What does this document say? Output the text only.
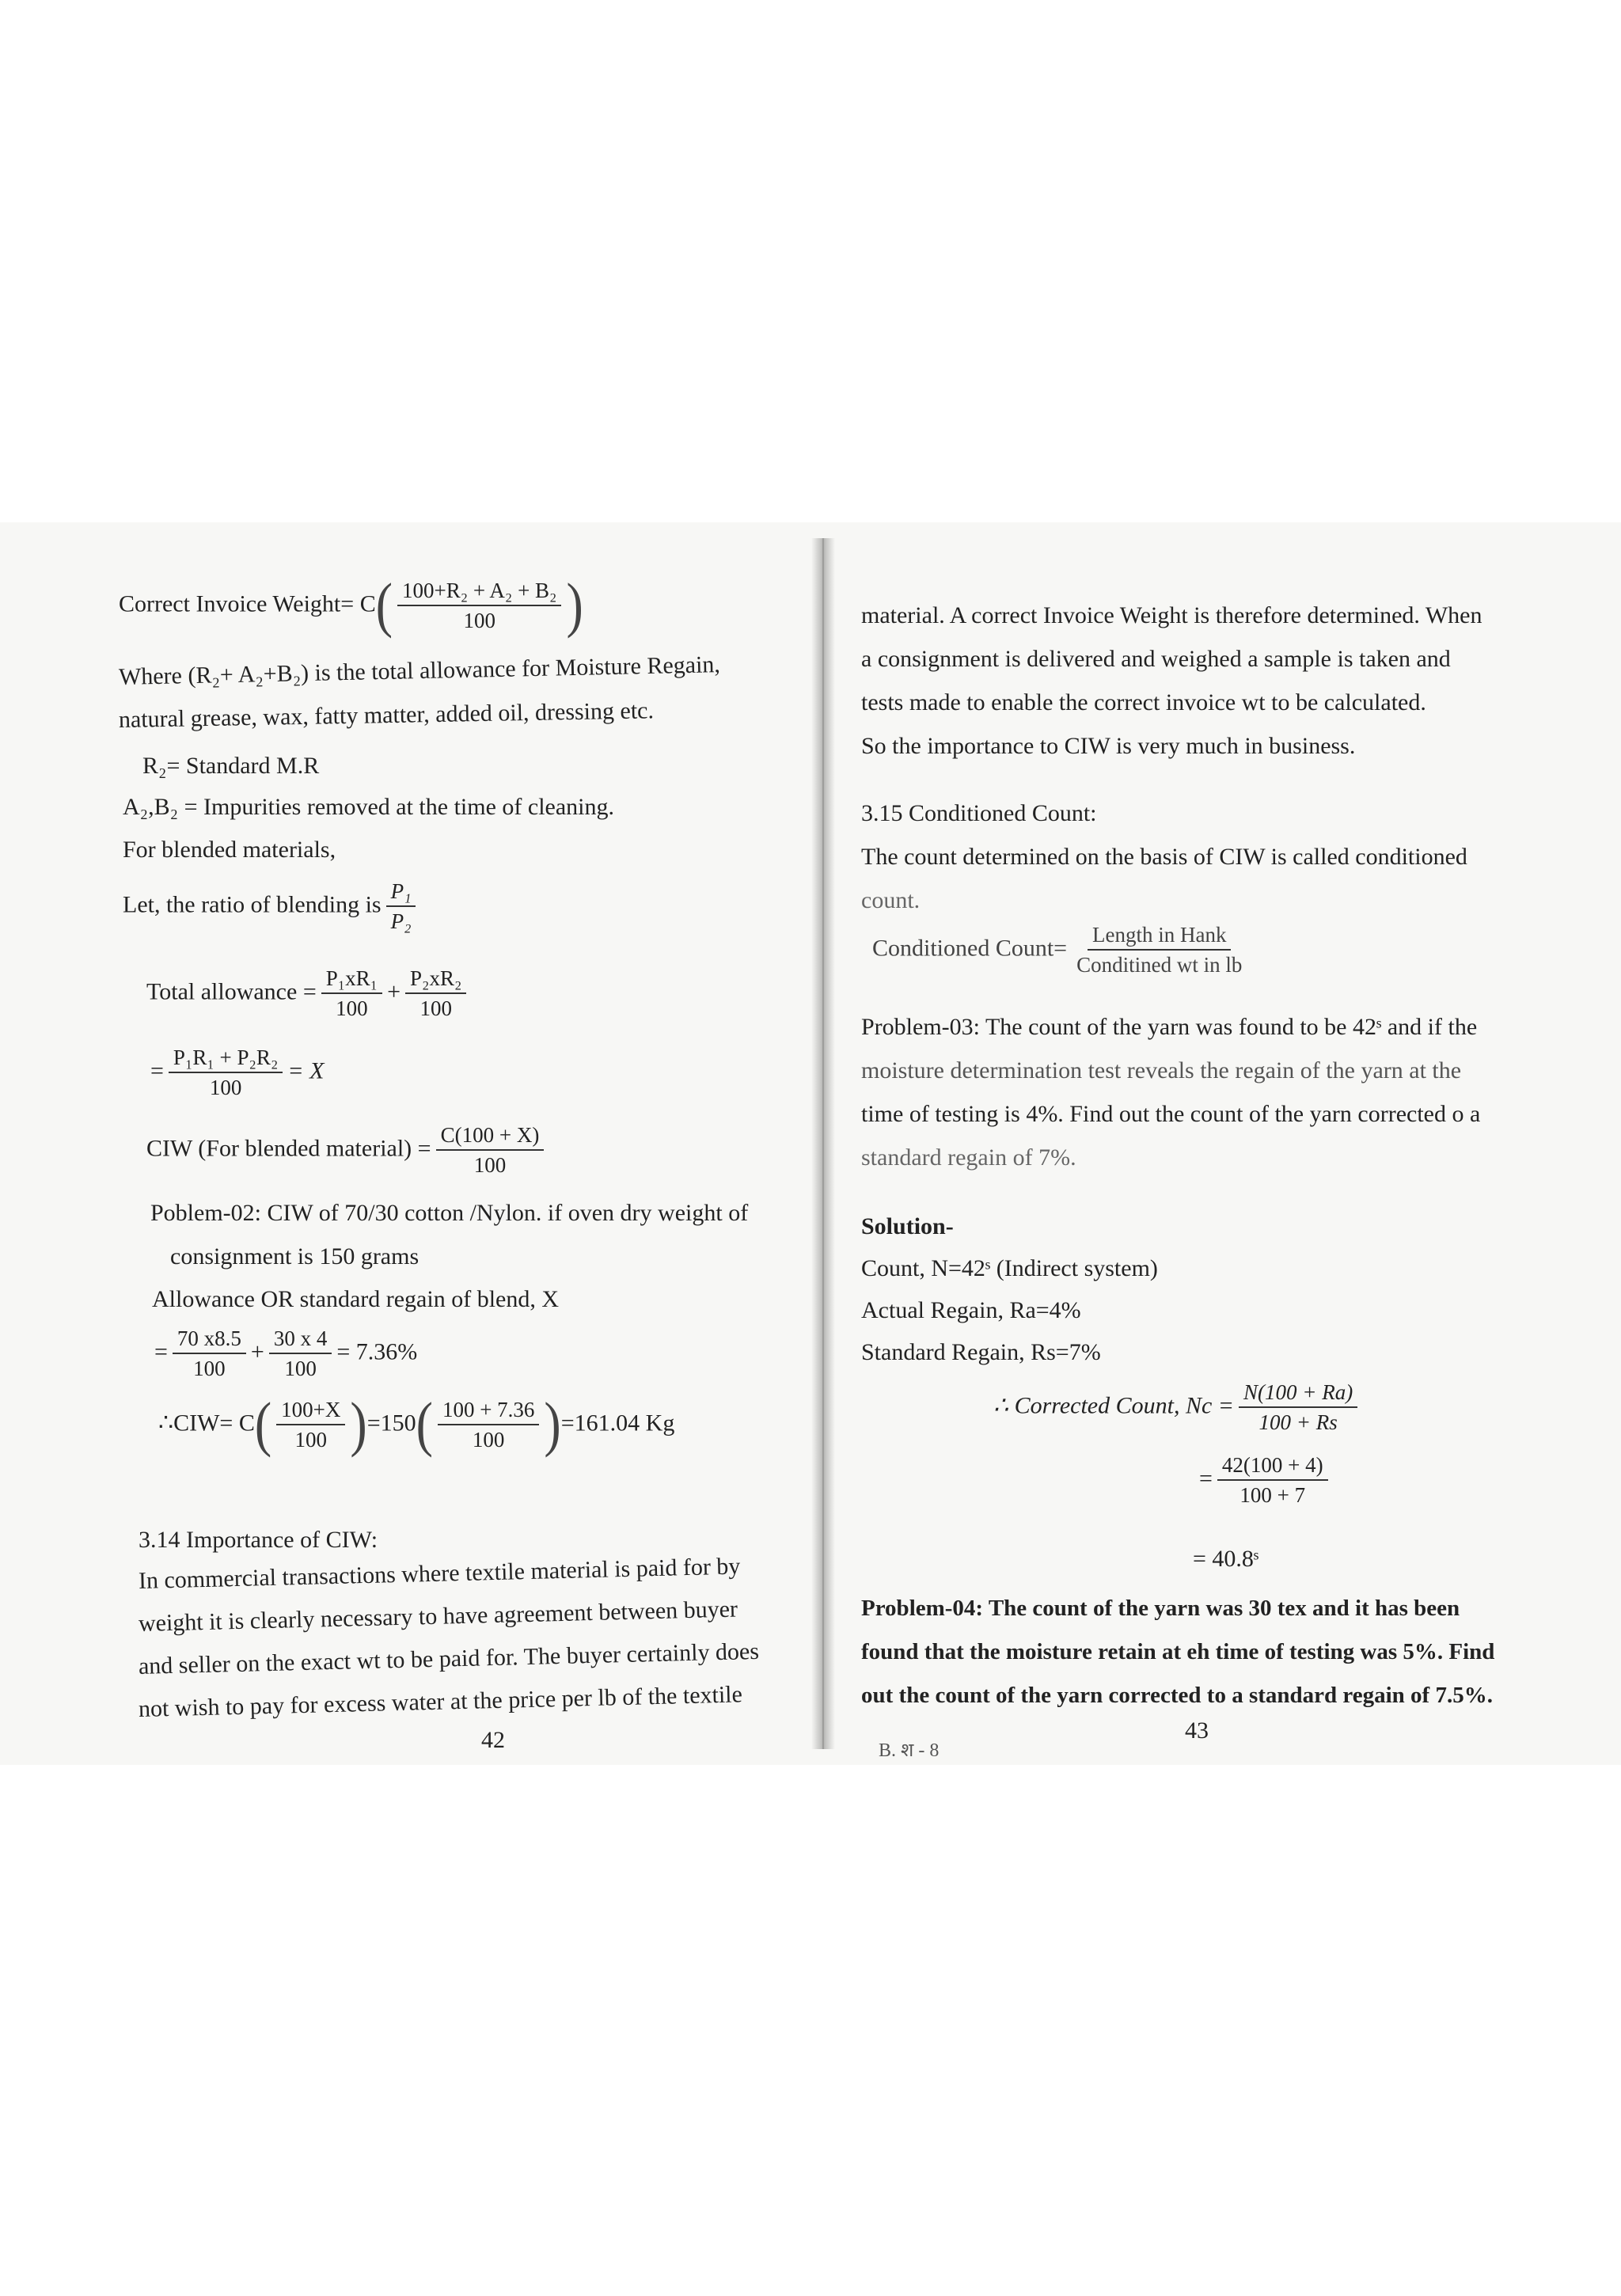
Correct Invoice Weight= $C( \frac{\text{100+R₂ + A₂ + B₂}}{100}$ )
Where (R₂+ A₂+B₂) is the total allowance for Moisture Regain,
natural grease, wax, fatty matter, added oil, dressing etc.
R₂= Standard M.R
A₂,B₂ = Impurities removed at the time of cleaning.
For blended materials,
Let, the ratio of blending is $\frac{\text{P₁}}{\text{P₂}}$
Total allowance = $\frac{\text{P₁xR₁}}{100} + \frac{\text{P₂xR₂}}{100}$
= $\frac{\text{P₁R₁ + P₂R₂}}{100} = X$
CIW (For blended material) = $\frac{C(100 + X)}{100}$
Poblem-02: CIW of 70/30 cotton /Nylon. if oven dry weight of
consignment is 150 grams
Allowance OR standard regain of blend, X
= $\frac{70 x8.5}{100} + \frac{30 x 4}{100} = 7.36\%$
∴CIW= $C( \frac{100+X}{100} )=150( \frac{100 + 7.36}{100} )=161.04$ Kg
3.14 Importance of CIW:
In commercial transactions where textile material is paid for by
weight it is clearly necessary to have agreement between buyer
and seller on the exact wt to be paid for. The buyer certainly does
not wish to pay for excess water at the price per lb of the textile
42
material. A correct Invoice Weight is therefore determined. When
a consignment is delivered and weighed a sample is taken and
tests made to enable the correct invoice wt to be calculated.
So the importance to CIW is very much in business.
3.15 Conditioned Count:
The count determined on the basis of CIW is called conditioned
count.
Conditioned Count= $\frac{\text{Length in Hank}}{\text{Conditined wt in lb}}$
Problem-03: The count of the yarn was found to be 42ˢ and if the
moisture determination test reveals the regain of the yarn at the
time of testing is 4%. Find out the count of the yarn corrected o a
standard regain of 7%.
Solution-
Count, N=42ˢ (Indirect system)
Actual Regain, Ra=4%
Standard Regain, Rs=7%
∴ Corrected Count, $Nc = \frac{N(100 + Ra)}{100 + Rs}$
= $\frac{42(100 + 4)}{100 + 7}$
= 40.8ˢ
Problem-04: The count of the yarn was 30 tex and it has been
found that the moisture retain at eh time of testing was 5%. Find
out the count of the yarn corrected to a standard regain of 7.5%.
43
B. श - 8
